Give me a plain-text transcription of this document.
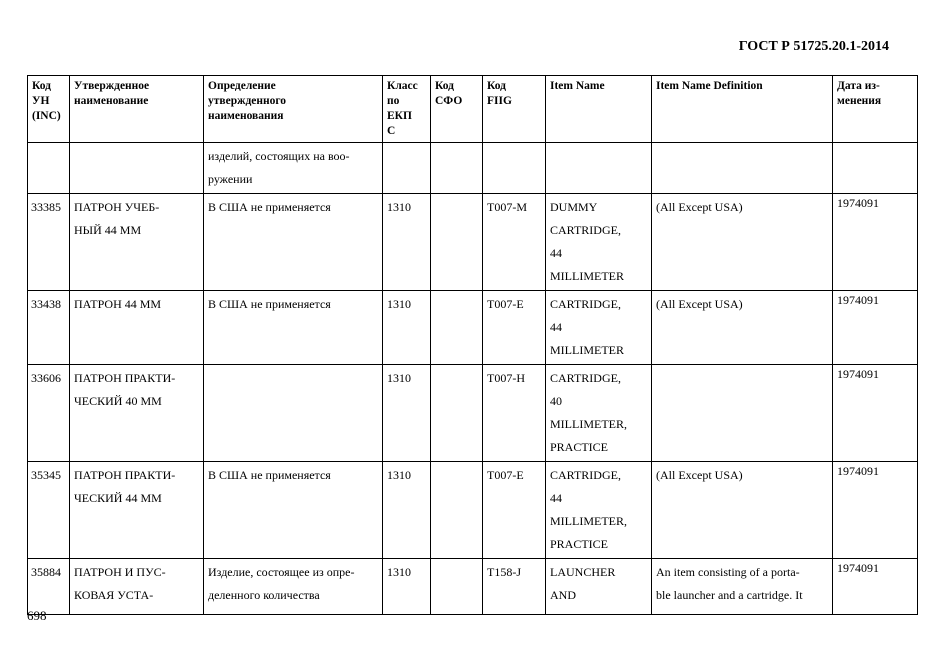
ГОСТ Р 51725.20.1-2014
Код
УН
(INC)	Утвержденное
наименование	Определение
утвержденного
наименования	Класс
по
ЕКП
С	Код
СФО	Код
FIIG	Item Name	Item Name Definition	Дата из-
менения

		изделий, состоящих на воо-
ружении						

33385	ПАТРОН УЧЕБ-
НЫЙ 44 ММ	В США не применяется	1310		T007-M	DUMMY
CARTRIDGE,
44
MILLIMETER	(All Except USA)	1974091

33438	ПАТРОН 44 ММ	В США не применяется	1310		T007-E	CARTRIDGE,
44
MILLIMETER	(All Except USA)	1974091

33606	ПАТРОН ПРАКТИ-
ЧЕСКИЙ 40 ММ		1310		T007-H	CARTRIDGE,
40
MILLIMETER,
PRACTICE		1974091

35345	ПАТРОН ПРАКТИ-
ЧЕСКИЙ 44 ММ	В США не применяется	1310		T007-E	CARTRIDGE,
44
MILLIMETER,
PRACTICE	(All Except USA)	1974091

35884	ПАТРОН И ПУС-
КОВАЯ УСТА-	Изделие, состоящее из опре-
деленного количества	1310		T158-J	LAUNCHER
AND	An item consisting of a porta-
ble launcher and a cartridge. It	1974091
698
